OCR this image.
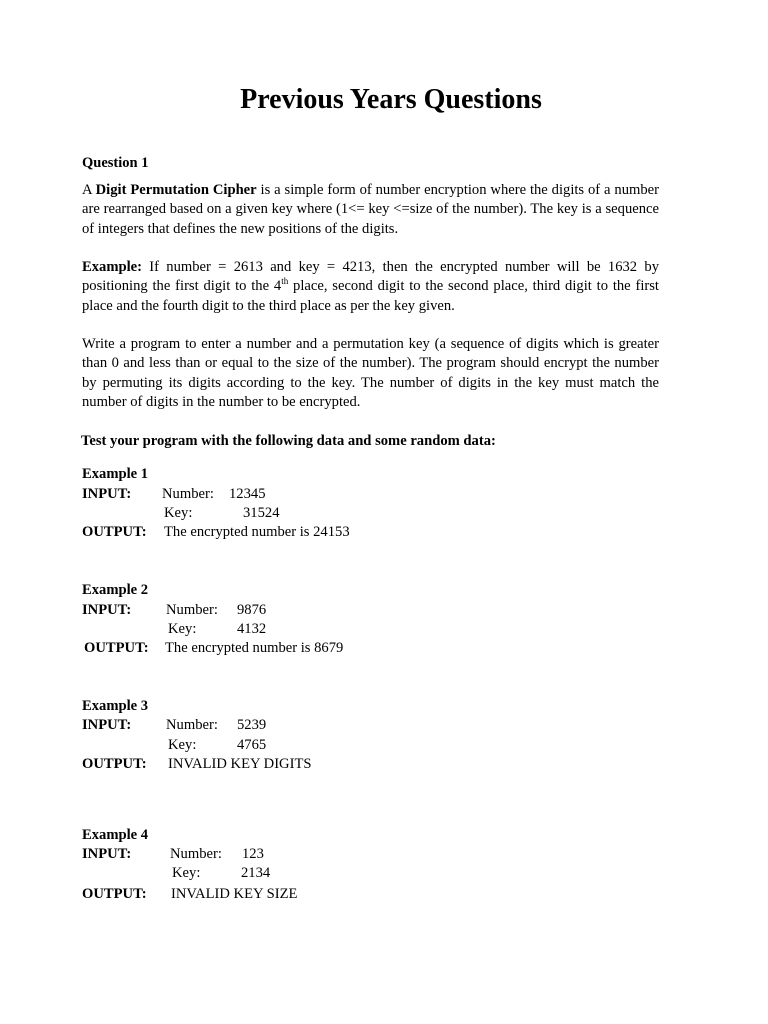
Previous Years Questions
Question 1

A Digit Permutation Cipher is a simple form of number encryption where the digits of a number are rearranged based on a given key where (1<= key <=size of the number). The key is a sequence of integers that defines the new positions of the digits.

Example: If number = 2613 and key = 4213, then the encrypted number will be 1632 by positioning the first digit to the 4th place, second digit to the second place, third digit to the first place and the fourth digit to the third place as per the key given.

Write a program to enter a number and a permutation key (a sequence of digits which is greater than 0 and less than or equal to the size of the number). The program should encrypt the number by permuting its digits according to the key. The number of digits in the key must match the number of digits in the number to be encrypted.

Test your program with the following data and some random data:
Example 1
INPUT: Number: 12345
Key:	31524
OUTPUT: The encrypted number is 24153
Example 2
INPUT: Number: 9876
Key:	4132
OUTPUT: The encrypted number is 8679
Example 3
INPUT: Number: 5239
Key:	4765
OUTPUT: INVALID KEY DIGITS
Example 4
INPUT:	Number: 123
Key:	2134
OUTPUT: INVALID KEY SIZE
